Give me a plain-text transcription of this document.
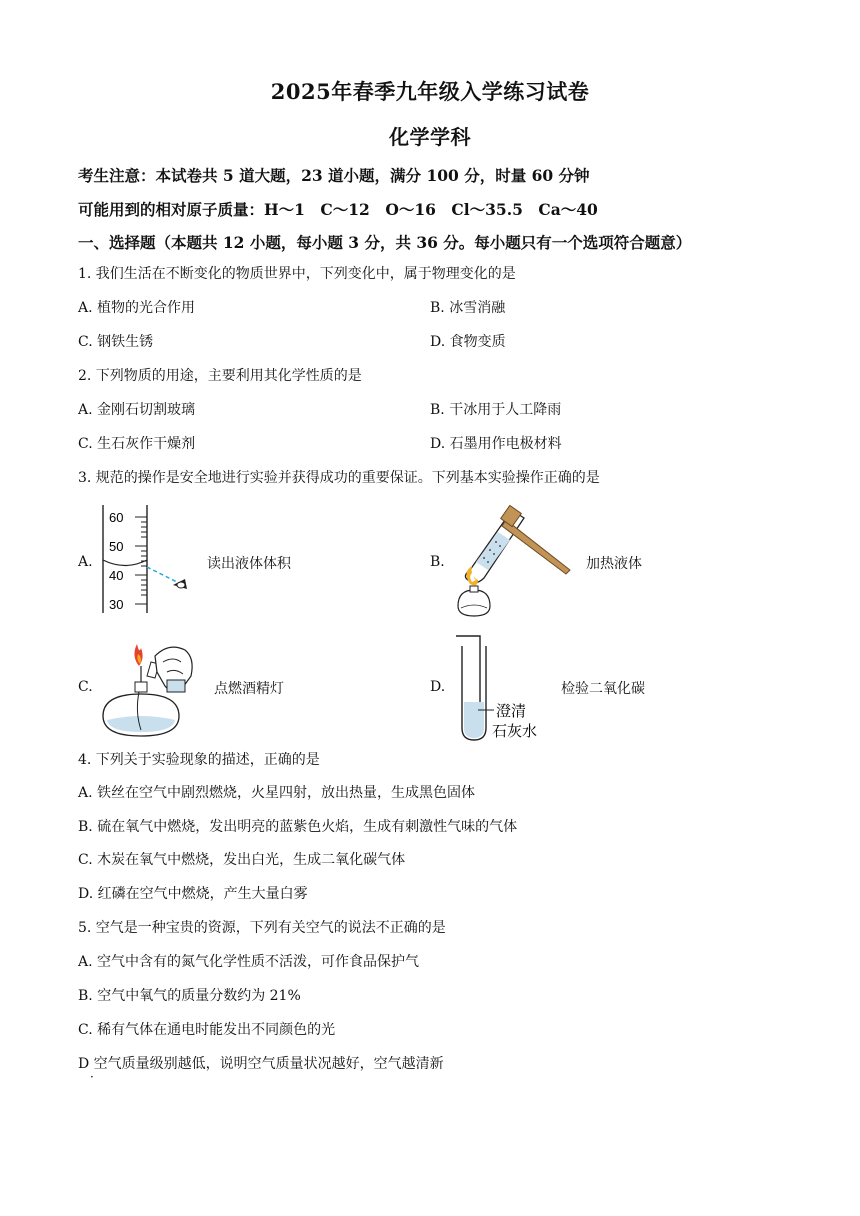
2025年春季九年级入学练习试卷
化学学科
考生注意：本试卷共 5 道大题，23 道小题，满分 100 分，时量 60 分钟
可能用到的相对原子质量：H～1　C～12　O～16　Cl～35.5　Ca～40
一、选择题（本题共 12 小题，每小题 3 分，共 36 分。每小题只有一个选项符合题意）
1. 我们生活在不断变化的物质世界中，下列变化中，属于物理变化的是
A. 植物的光合作用	B. 冰雪消融
C. 钢铁生锈	D. 食物变质
2. 下列物质的用途，主要利用其化学性质的是
A. 金刚石切割玻璃	B. 干冰用于人工降雨
C. 生石灰作干燥剂	D. 石墨用作电极材料
3. 规范的操作是安全地进行实验并获得成功的重要保证。下列基本实验操作正确的是
A.
60
50
40
30
读出液体体积	B.	加热液体
C.	点燃酒精灯	D.
澄清
石灰水
检验二氧化碳
4. 下列关于实验现象的描述，正确的是
A. 铁丝在空气中剧烈燃烧，火星四射，放出热量，生成黑色固体
B. 硫在氧气中燃烧，发出明亮的蓝紫色火焰，生成有刺激性气味的气体
C. 木炭在氧气中燃烧，发出白光，生成二氧化碳气体
D. 红磷在空气中燃烧，产生大量白雾
5. 空气是一种宝贵的资源，下列有关空气的说法不正确的是
A. 空气中含有的氮气化学性质不活泼，可作食品保护气
B. 空气中氧气的质量分数约为 21%
C. 稀有气体在通电时能发出不同颜色的光
D 空气质量级别越低，说明空气质量状况越好，空气越清新
·
